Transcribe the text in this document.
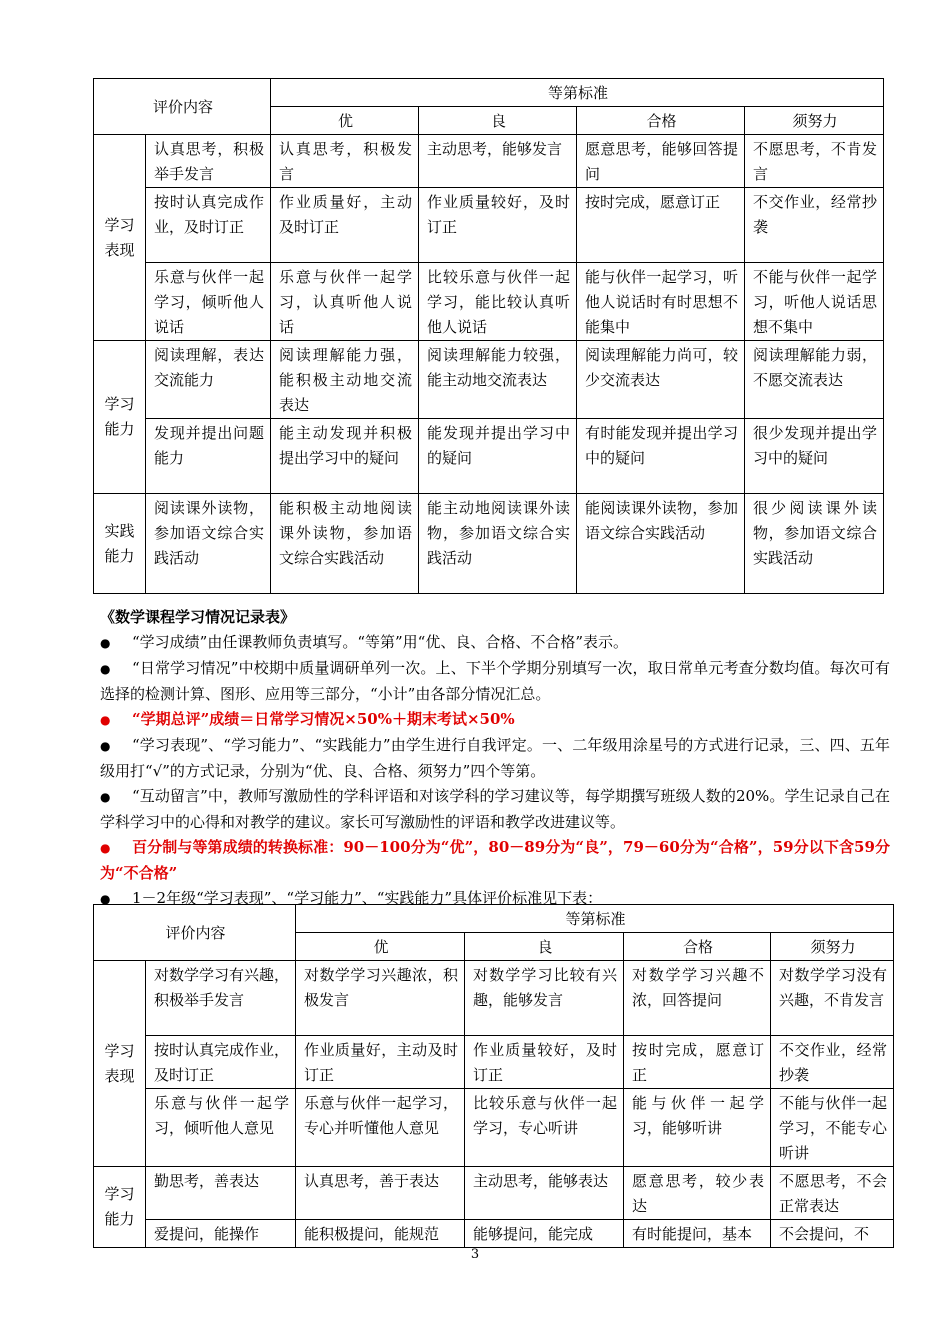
评价内容		等第标准			
		优	良	合格	须努力
学习表现	认真思考，积极举手发言	认真思考，积极发言	主动思考，能够发言	愿意思考，能够回答提问	不愿思考，不肯发言
	按时认真完成作业，及时订正	作业质量好，主动及时订正	作业质量较好，及时订正	按时完成，愿意订正	不交作业，经常抄袭
	乐意与伙伴一起学习，倾听他人说话	乐意与伙伴一起学习，认真听他人说话	比较乐意与伙伴一起学习，能比较认真听他人说话	能与伙伴一起学习，听他人说话时有时思想不能集中	不能与伙伴一起学习，听他人说话思想不集中
学习能力	阅读理解，表达交流能力	阅读理解能力强，能积极主动地交流表达	阅读理解能力较强，能主动地交流表达	阅读理解能力尚可，较少交流表达	阅读理解能力弱，不愿交流表达
	发现并提出问题能力	能主动发现并积极提出学习中的疑问	能发现并提出学习中的疑问	有时能发现并提出学习中的疑问	很少发现并提出学习中的疑问
实践能力	阅读课外读物，参加语文综合实践活动	能积极主动地阅读课外读物，参加语文综合实践活动	能主动地阅读课外读物，参加语文综合实践活动	能阅读课外读物，参加语文综合实践活动	很少阅读课外读物，参加语文综合实践活动
《数学课程学习情况记录表》
● “学习成绩”由任课教师负责填写。“等第”用“优、良、合格、不合格”表示。
● “日常学习情况”中校期中质量调研单列一次。上、下半个学期分别填写一次，取日常单元考查分数均值。每次可有选择的检测计算、图形、应用等三部分，“小计”由各部分情况汇总。
● “学期总评”成绩＝日常学习情况×50%＋期末考试×50%
● “学习表现”、“学习能力”、“实践能力”由学生进行自我评定。一、二年级用涂星号的方式进行记录，三、四、五年级用打“√”的方式记录，分别为“优、良、合格、须努力”四个等第。
● “互动留言”中，教师写激励性的学科评语和对该学科的学习建议等，每学期撰写班级人数的20%。学生记录自己在学科学习中的心得和对教学的建议。家长可写激励性的评语和教学改进建议等。
● 百分制与等第成绩的转换标准：90－100分为“优”，80－89分为“良”，79－60分为“合格”，59分以下含59分为“不合格”
● 1－2年级“学习表现”、“学习能力”、“实践能力”具体评价标准见下表：
评价内容		等第标准			
		优	良	合格	须努力
学习表现	对数学学习有兴趣，积极举手发言	对数学学习兴趣浓，积极发言	对数学学习比较有兴趣，能够发言	对数学学习兴趣不浓，回答提问	对数学学习没有兴趣，不肯发言
	按时认真完成作业，及时订正	作业质量好，主动及时订正	作业质量较好，及时订正	按时完成，愿意订正	不交作业，经常抄袭
	乐意与伙伴一起学习，倾听他人意见	乐意与伙伴一起学习，专心并听懂他人意见	比较乐意与伙伴一起学习，专心听讲	能与伙伴一起学习，能够听讲	不能与伙伴一起学习，不能专心听讲
学习能力	勤思考，善表达	认真思考，善于表达	主动思考，能够表达	愿意思考，较少表达	不愿思考，不会正常表达
	爱提问，能操作	能积极提问，能规范	能够提问，能完成	有时能提问，基本	不会提问，不
3
